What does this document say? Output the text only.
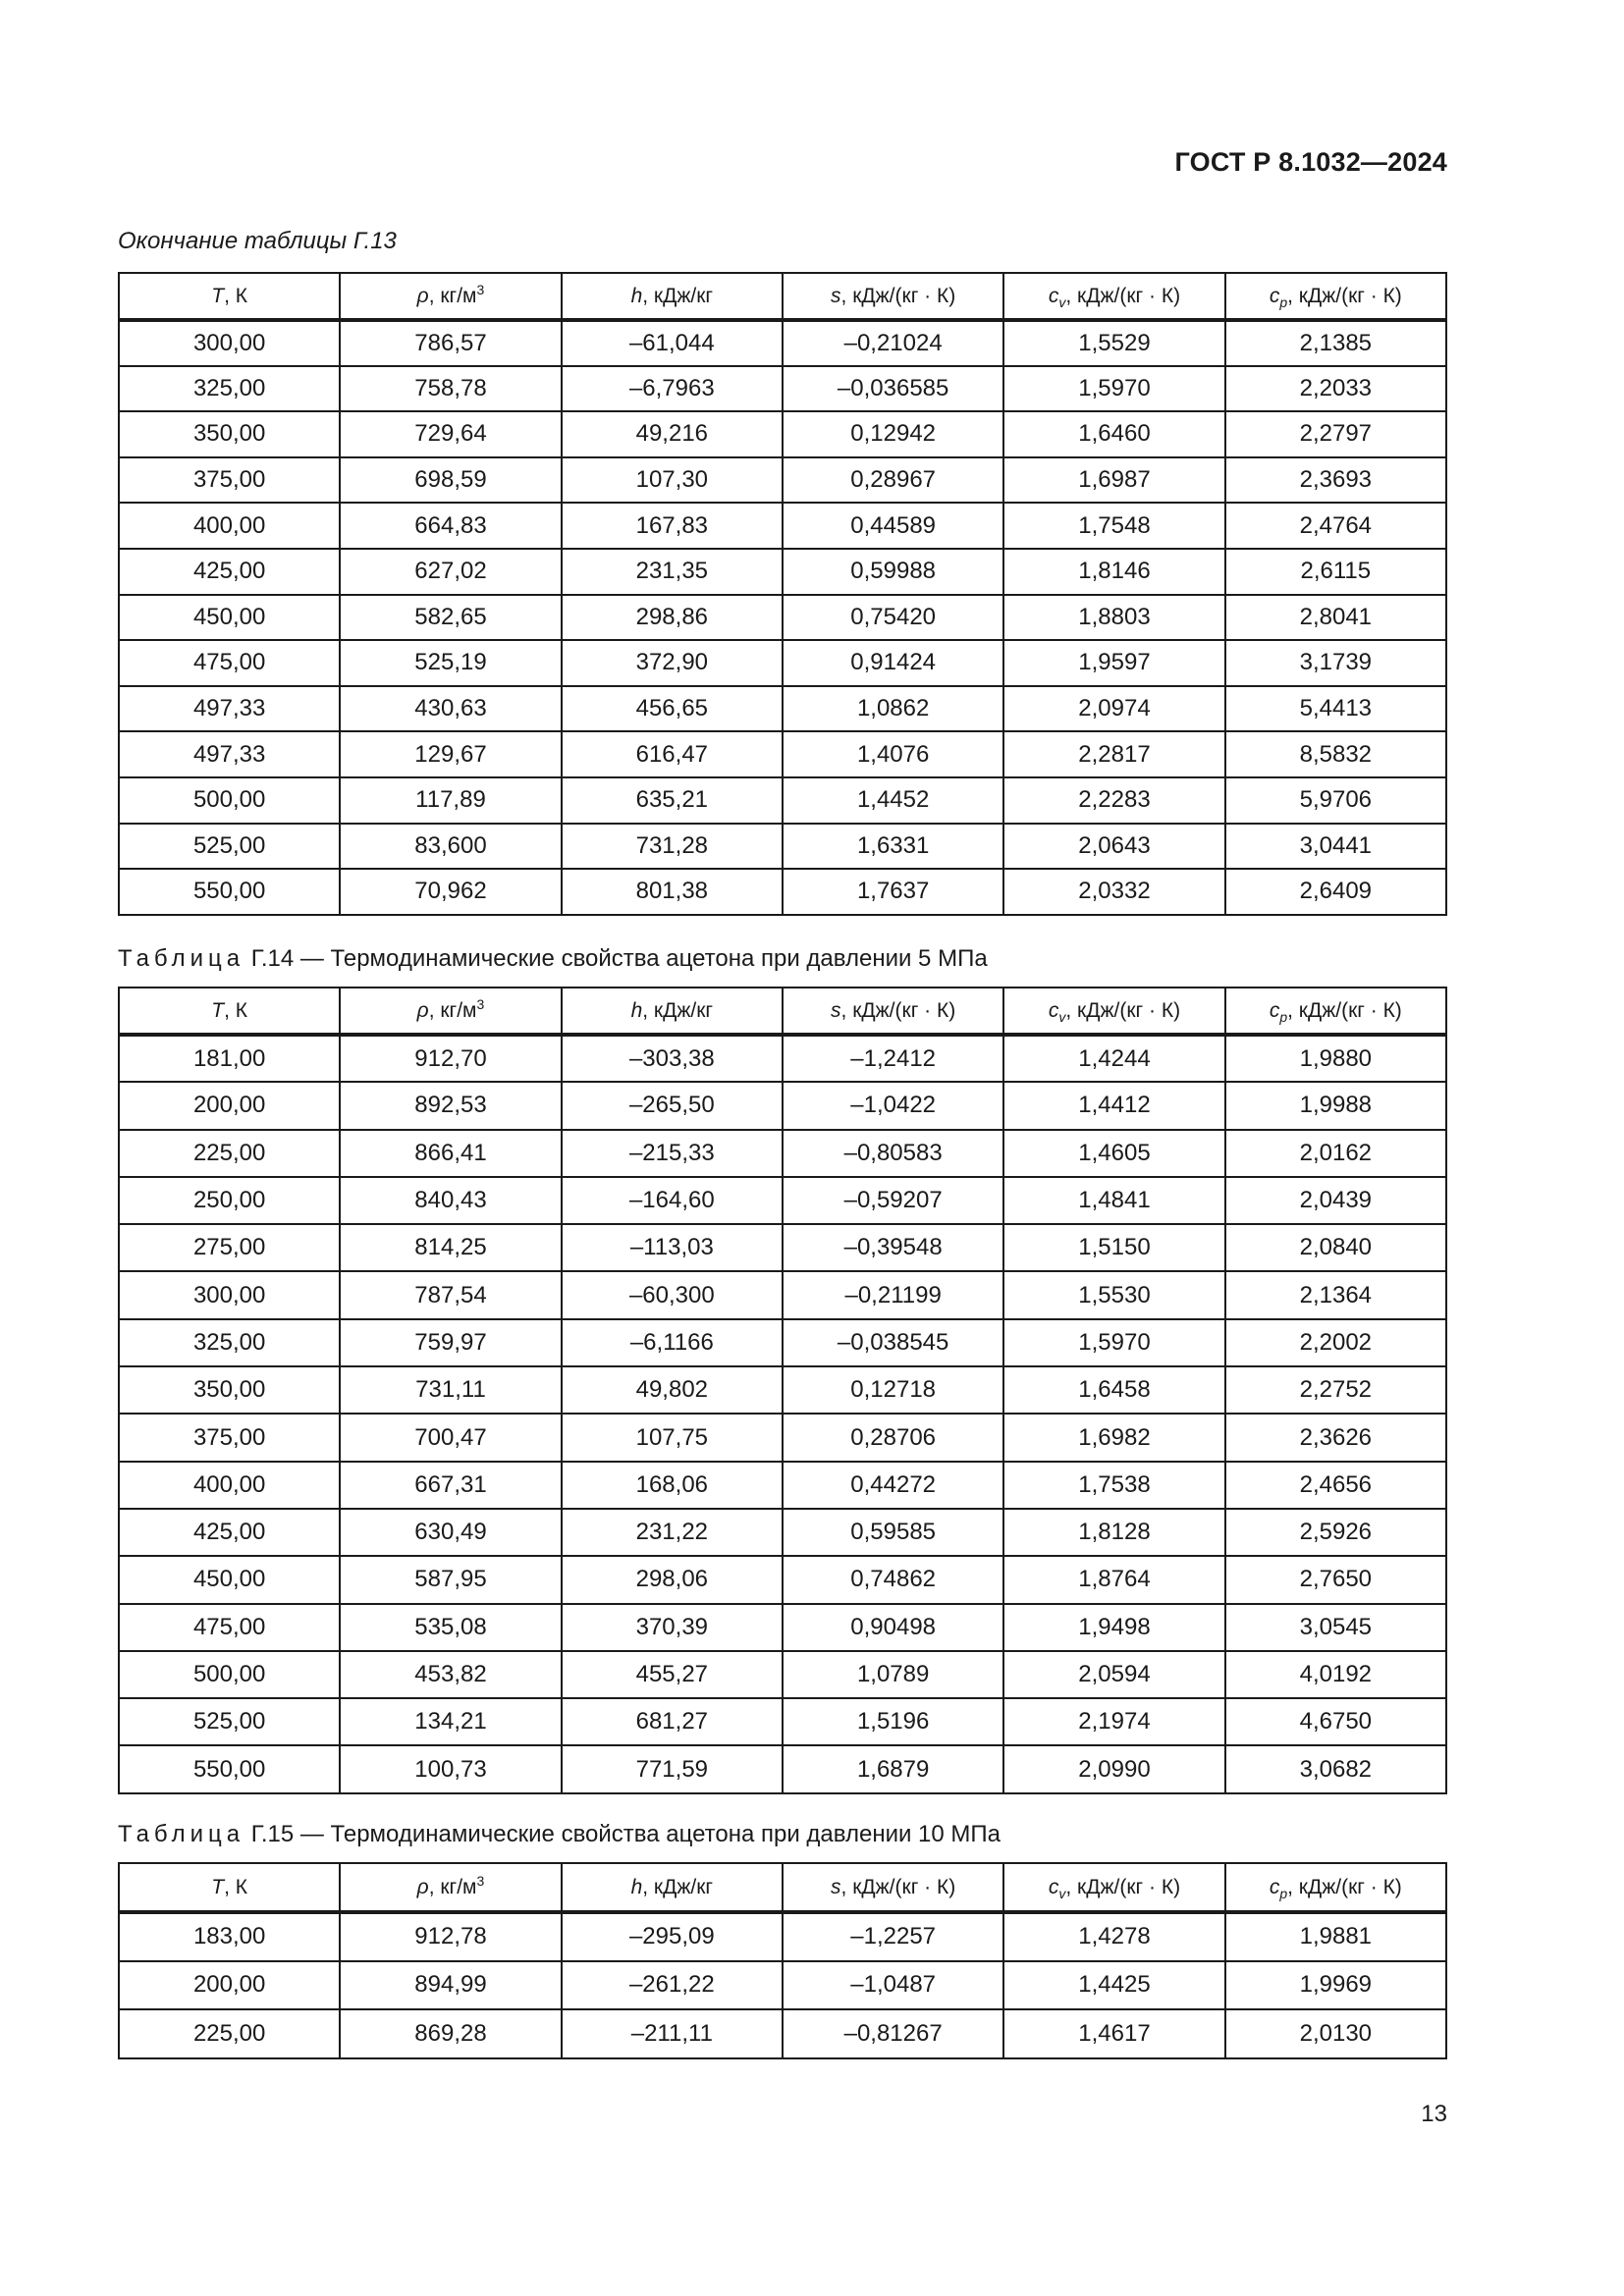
ГОСТ Р 8.1032—2024
Окончание таблицы Г.13
T, К	ρ, $кг/м^3$	h, кДж/кг	s, кДж/(кг · К)	$c_v$, кДж/(кг · К)	$c_p$, кДж/(кг · К)
300,00	786,57	–61,044	–0,21024	1,5529	2,1385
325,00	758,78	–6,7963	–0,036585	1,5970	2,2033
350,00	729,64	49,216	0,12942	1,6460	2,2797
375,00	698,59	107,30	0,28967	1,6987	2,3693
400,00	664,83	167,83	0,44589	1,7548	2,4764
425,00	627,02	231,35	0,59988	1,8146	2,6115
450,00	582,65	298,86	0,75420	1,8803	2,8041
475,00	525,19	372,90	0,91424	1,9597	3,1739
497,33	430,63	456,65	1,0862	2,0974	5,4413
497,33	129,67	616,47	1,4076	2,2817	8,5832
500,00	117,89	635,21	1,4452	2,2283	5,9706
525,00	83,600	731,28	1,6331	2,0643	3,0441
550,00	70,962	801,38	1,7637	2,0332	2,6409
Таблица Г.14 — Термодинамические свойства ацетона при давлении 5 МПа
T, К	ρ, $кг/м^3$	h, кДж/кг	s, кДж/(кг · К)	$c_v$, кДж/(кг · К)	$c_p$, кДж/(кг · К)
181,00	912,70	–303,38	–1,2412	1,4244	1,9880
200,00	892,53	–265,50	–1,0422	1,4412	1,9988
225,00	866,41	–215,33	–0,80583	1,4605	2,0162
250,00	840,43	–164,60	–0,59207	1,4841	2,0439
275,00	814,25	–113,03	–0,39548	1,5150	2,0840
300,00	787,54	–60,300	–0,21199	1,5530	2,1364
325,00	759,97	–6,1166	–0,038545	1,5970	2,2002
350,00	731,11	49,802	0,12718	1,6458	2,2752
375,00	700,47	107,75	0,28706	1,6982	2,3626
400,00	667,31	168,06	0,44272	1,7538	2,4656
425,00	630,49	231,22	0,59585	1,8128	2,5926
450,00	587,95	298,06	0,74862	1,8764	2,7650
475,00	535,08	370,39	0,90498	1,9498	3,0545
500,00	453,82	455,27	1,0789	2,0594	4,0192
525,00	134,21	681,27	1,5196	2,1974	4,6750
550,00	100,73	771,59	1,6879	2,0990	3,0682
Таблица Г.15 — Термодинамические свойства ацетона при давлении 10 МПа
T, К	ρ, $кг/м^3$	h, кДж/кг	s, кДж/(кг · К)	$c_v$, кДж/(кг · К)	$c_p$, кДж/(кг · К)
183,00	912,78	–295,09	–1,2257	1,4278	1,9881
200,00	894,99	–261,22	–1,0487	1,4425	1,9969
225,00	869,28	–211,11	–0,81267	1,4617	2,0130
13
